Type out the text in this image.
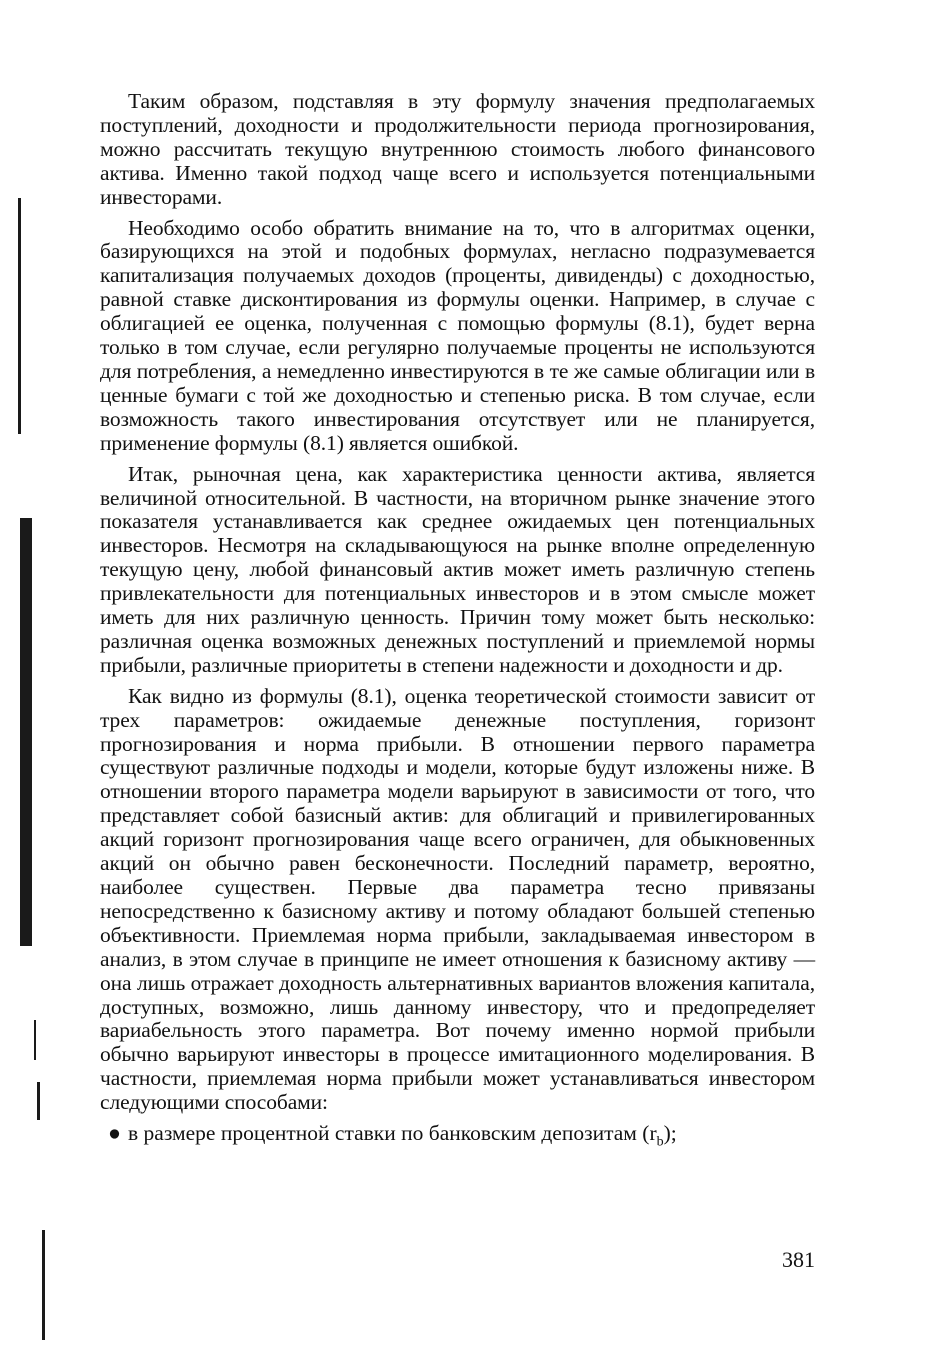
Таким образом, подставляя в эту формулу значения предполагаемых поступлений, доходности и продолжительности периода прогнозирования, можно рассчитать текущую внутреннюю стоимость любого финансового актива. Именно такой подход чаще всего и используется потенциальными инвесторами.

Необходимо особо обратить внимание на то, что в алгоритмах оценки, базирующихся на этой и подобных формулах, негласно подразумевается капитализация получаемых доходов (проценты, дивиденды) с доходностью, равной ставке дисконтирования из формулы оценки. Например, в случае с облигацией ее оценка, полученная с помощью формулы (8.1), будет верна только в том случае, если регулярно получаемые проценты не используются для потребления, а немедленно инвестируются в те же самые облигации или в ценные бумаги с той же доходностью и степенью риска. В том случае, если возможность такого инвестирования отсутствует или не планируется, применение формулы (8.1) является ошибкой.

Итак, рыночная цена, как характеристика ценности актива, является величиной относительной. В частности, на вторичном рынке значение этого показателя устанавливается как среднее ожидаемых цен потенциальных инвесторов. Несмотря на складывающуюся на рынке вполне определенную текущую цену, любой финансовый актив может иметь различную степень привлекательности для потенциальных инвесторов и в этом смысле может иметь для них различную ценность. Причин тому может быть несколько: различная оценка возможных денежных поступлений и приемлемой нормы прибыли, различные приоритеты в степени надежности и доходности и др.

Как видно из формулы (8.1), оценка теоретической стоимости зависит от трех параметров: ожидаемые денежные поступления, горизонт прогнозирования и норма прибыли. В отношении первого параметра существуют различные подходы и модели, которые будут изложены ниже. В отношении второго параметра модели варьируют в зависимости от того, что представляет собой базисный актив: для облигаций и привилегированных акций горизонт прогнозирования чаще всего ограничен, для обыкновенных акций он обычно равен бесконечности. Последний параметр, вероятно, наиболее существен. Первые два параметра тесно привязаны непосредственно к базисному активу и потому обладают большей степенью объективности. Приемлемая норма прибыли, закладываемая инвестором в анализ, в этом случае в принципе не имеет отношения к базисному активу — она лишь отражает доходность альтернативных вариантов вложения капитала, доступных, возможно, лишь данному инвестору, что и предопределяет вариабельность этого параметра. Вот почему именно нормой прибыли обычно варьируют инвесторы в процессе имитационного моделирования. В частности, приемлемая норма прибыли может устанавливаться инвестором следующими способами:

● в размере процентной ставки по банковским депозитам $(r_b)$;
381
